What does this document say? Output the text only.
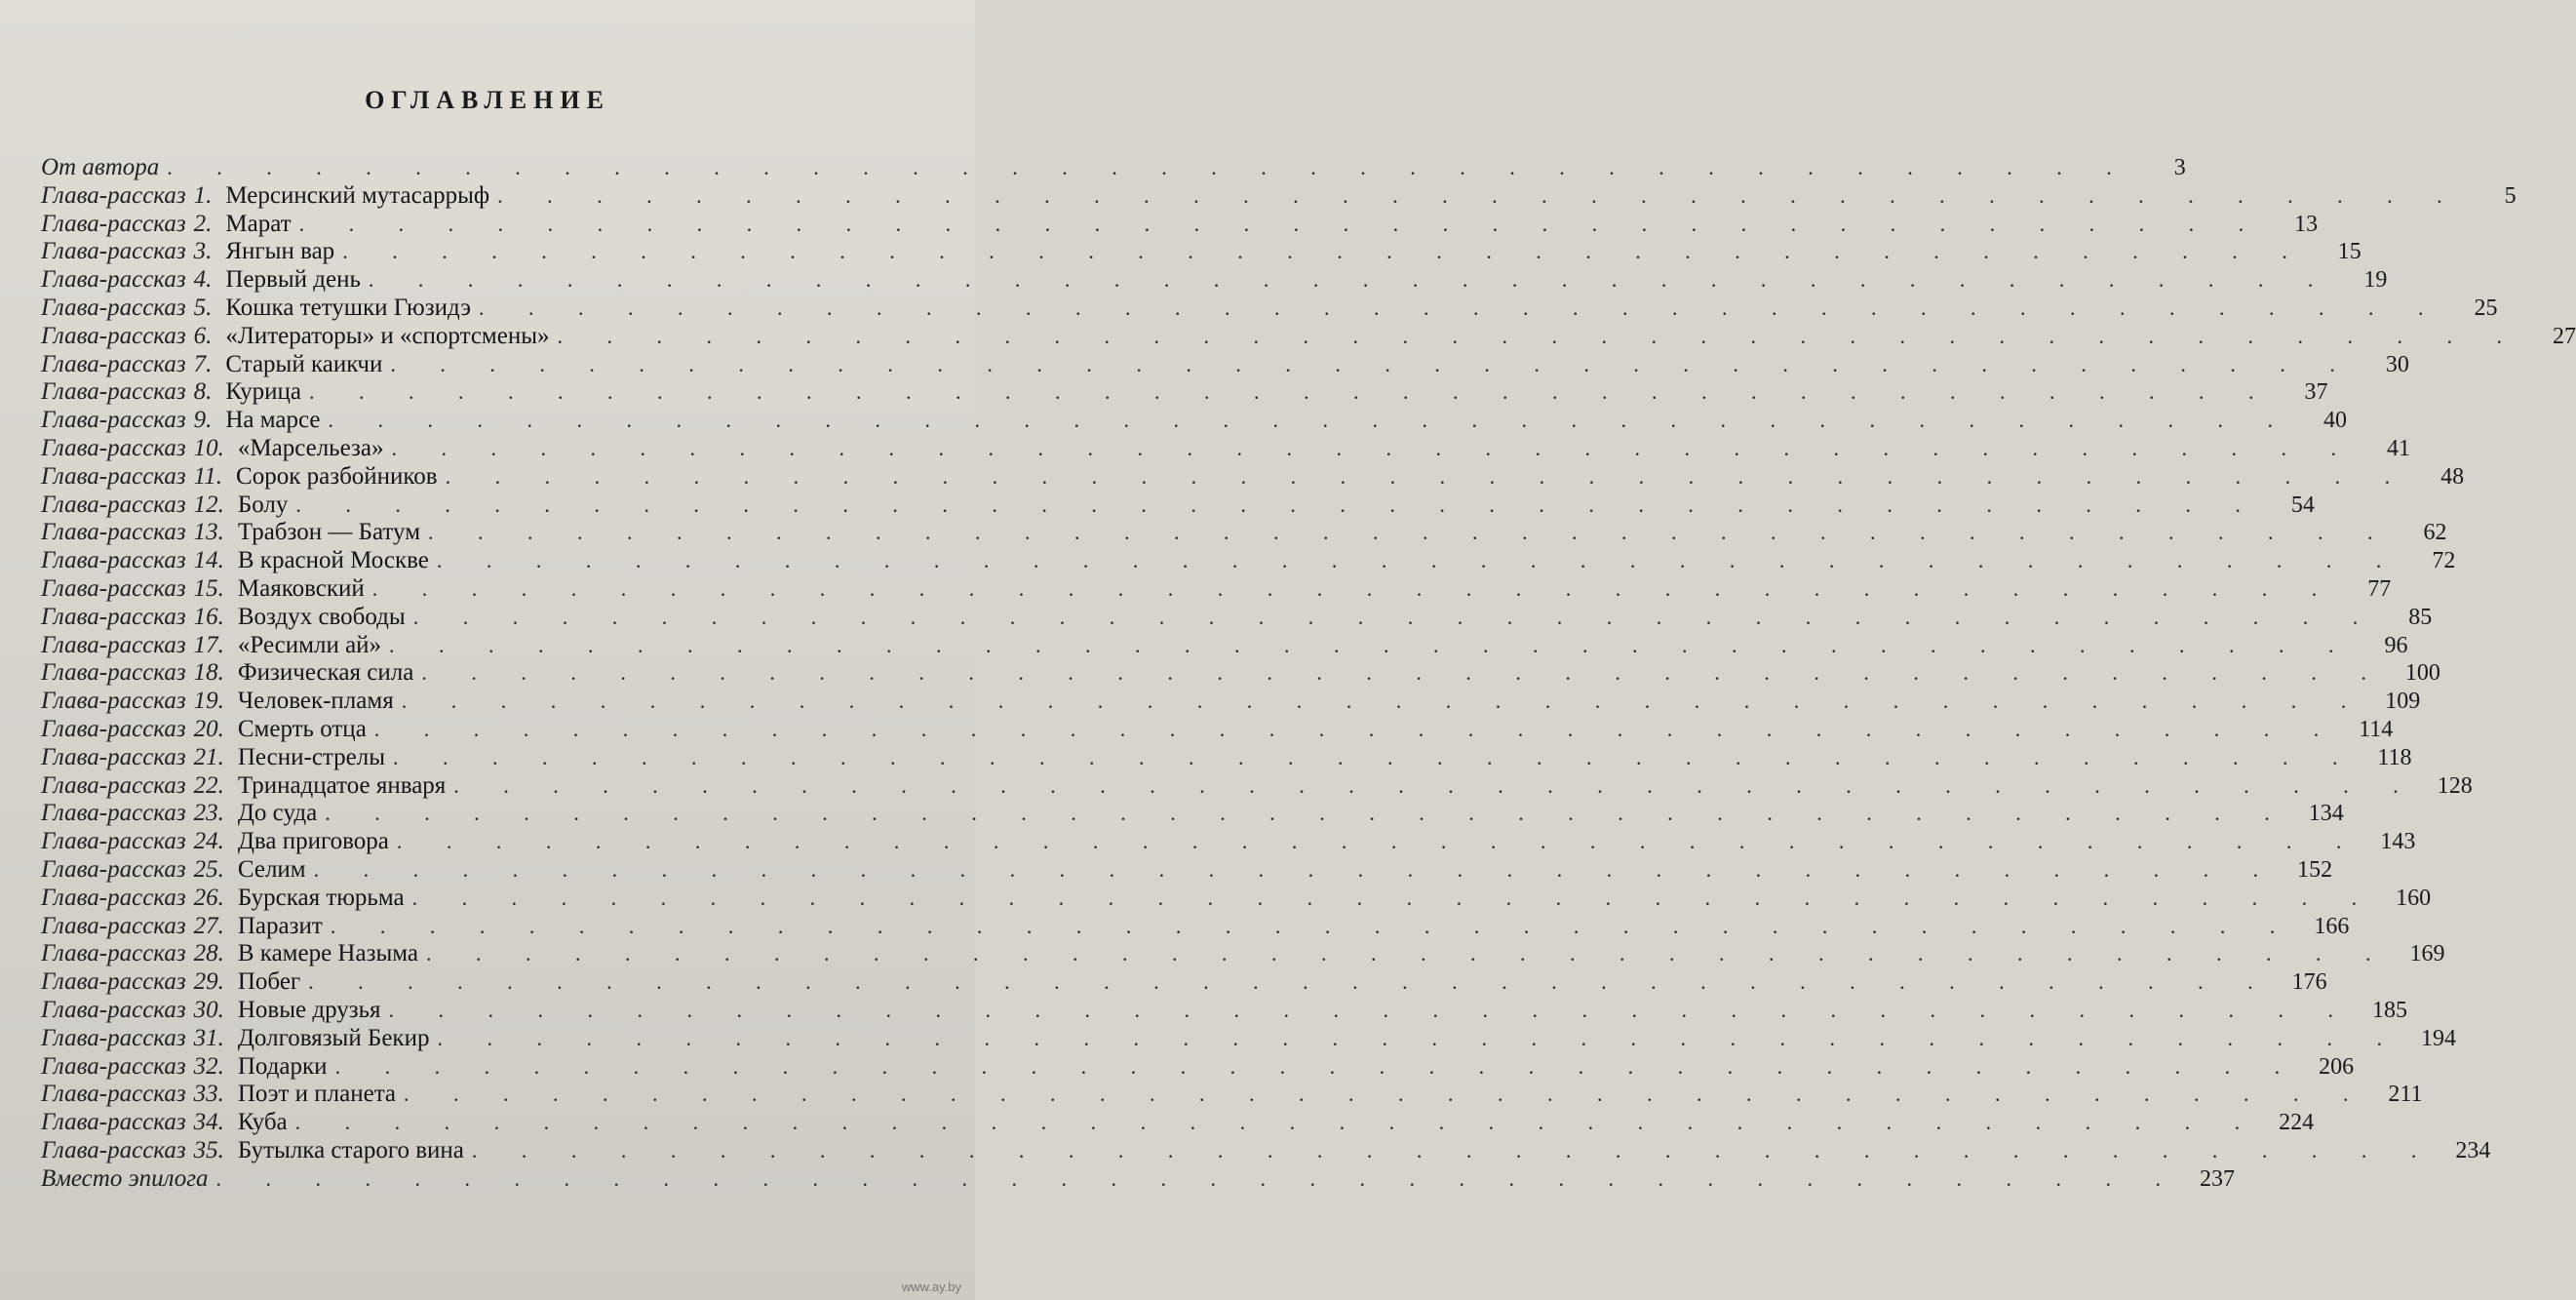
ОГЛАВЛЕНИЕ
От автора . . . . . . . . . . . . . . . . . . . . . . . . . . . . . . . . . . . . . . . .	3
Глава-рассказ 1. Мерсинский мутасаррыф . . . . . . . . . . . . . . . . . . . . . . . . . . . . . . . . . . . . . . . .	5
Глава-рассказ 2. Марат . . . . . . . . . . . . . . . . . . . . . . . . . . . . . . . . . . . . . . . .	13
Глава-рассказ 3. Янгын вар . . . . . . . . . . . . . . . . . . . . . . . . . . . . . . . . . . . . . . . .	15
Глава-рассказ 4. Первый день . . . . . . . . . . . . . . . . . . . . . . . . . . . . . . . . . . . . . . . .	19
Глава-рассказ 5. Кошка тетушки Гюзидэ . . . . . . . . . . . . . . . . . . . . . . . . . . . . . . . . . . . . . . . .	25
Глава-рассказ 6. «Литераторы» и «спортсмены» . . . . . . . . . . . . . . . . . . . . . . . . . . . . . . . . . . . . . . . .	27
Глава-рассказ 7. Старый каикчи . . . . . . . . . . . . . . . . . . . . . . . . . . . . . . . . . . . . . . . .	30
Глава-рассказ 8. Курица . . . . . . . . . . . . . . . . . . . . . . . . . . . . . . . . . . . . . . . .	37
Глава-рассказ 9. На марсе . . . . . . . . . . . . . . . . . . . . . . . . . . . . . . . . . . . . . . . .	40
Глава-рассказ 10. «Марсельеза» . . . . . . . . . . . . . . . . . . . . . . . . . . . . . . . . . . . . . . . .	41
Глава-рассказ 11. Сорок разбойников . . . . . . . . . . . . . . . . . . . . . . . . . . . . . . . . . . . . . . . .	48
Глава-рассказ 12. Болу . . . . . . . . . . . . . . . . . . . . . . . . . . . . . . . . . . . . . . . .	54
Глава-рассказ 13. Трабзон — Батум . . . . . . . . . . . . . . . . . . . . . . . . . . . . . . . . . . . . . . . .	62
Глава-рассказ 14. В красной Москве . . . . . . . . . . . . . . . . . . . . . . . . . . . . . . . . . . . . . . . .	72
Глава-рассказ 15. Маяковский . . . . . . . . . . . . . . . . . . . . . . . . . . . . . . . . . . . . . . . .	77
Глава-рассказ 16. Воздух свободы . . . . . . . . . . . . . . . . . . . . . . . . . . . . . . . . . . . . . . . .	85
Глава-рассказ 17. «Ресимли ай» . . . . . . . . . . . . . . . . . . . . . . . . . . . . . . . . . . . . . . . .	96
Глава-рассказ 18. Физическая сила . . . . . . . . . . . . . . . . . . . . . . . . . . . . . . . . . . . . . . . . 100
Глава-рассказ 19. Человек-пламя . . . . . . . . . . . . . . . . . . . . . . . . . . . . . . . . . . . . . . . . 109
Глава-рассказ 20. Смерть отца . . . . . . . . . . . . . . . . . . . . . . . . . . . . . . . . . . . . . . . . 114
Глава-рассказ 21. Песни-стрелы . . . . . . . . . . . . . . . . . . . . . . . . . . . . . . . . . . . . . . . . 118
Глава-рассказ 22. Тринадцатое января . . . . . . . . . . . . . . . . . . . . . . . . . . . . . . . . . . . . . . . . 128
Глава-рассказ 23. До суда . . . . . . . . . . . . . . . . . . . . . . . . . . . . . . . . . . . . . . . . 134
Глава-рассказ 24. Два приговора . . . . . . . . . . . . . . . . . . . . . . . . . . . . . . . . . . . . . . . . 143
Глава-рассказ 25. Селим . . . . . . . . . . . . . . . . . . . . . . . . . . . . . . . . . . . . . . . . 152
Глава-рассказ 26. Бурская тюрьма . . . . . . . . . . . . . . . . . . . . . . . . . . . . . . . . . . . . . . . . 160
Глава-рассказ 27. Паразит . . . . . . . . . . . . . . . . . . . . . . . . . . . . . . . . . . . . . . . . 166
Глава-рассказ 28. В камере Назыма . . . . . . . . . . . . . . . . . . . . . . . . . . . . . . . . . . . . . . . . 169
Глава-рассказ 29. Побег . . . . . . . . . . . . . . . . . . . . . . . . . . . . . . . . . . . . . . . . 176
Глава-рассказ 30. Новые друзья . . . . . . . . . . . . . . . . . . . . . . . . . . . . . . . . . . . . . . . . 185
Глава-рассказ 31. Долговязый Бекир . . . . . . . . . . . . . . . . . . . . . . . . . . . . . . . . . . . . . . . . 194
Глава-рассказ 32. Подарки . . . . . . . . . . . . . . . . . . . . . . . . . . . . . . . . . . . . . . . . 206
Глава-рассказ 33. Поэт и планета . . . . . . . . . . . . . . . . . . . . . . . . . . . . . . . . . . . . . . . . 211
Глава-рассказ 34. Куба . . . . . . . . . . . . . . . . . . . . . . . . . . . . . . . . . . . . . . . . 224
Глава-рассказ 35. Бутылка старого вина . . . . . . . . . . . . . . . . . . . . . . . . . . . . . . . . . . . . . . . . 234
Вместо эпилога . . . . . . . . . . . . . . . . . . . . . . . . . . . . . . . . . . . . . . . . 237
www.ay.by
